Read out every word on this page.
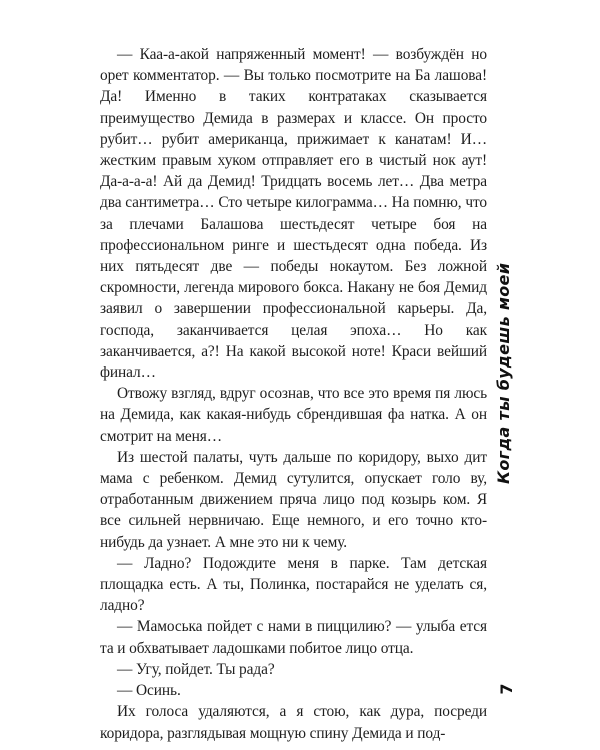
— Каа-а-акой напряженный момент! — возбуждён но орет комментатор. — Вы только посмотрите на Ба лашова! Да! Именно в таких контратаках сказывается преимущество Демида в размерах и классе. Он просто рубит… рубит американца, прижимает к канатам! И… жестким правым хуком отправляет его в чистый нок аут! Да-а-а-а! Ай да Демид! Тридцать восемь лет… Два метра два сантиметра… Сто четыре килограмма… На помню, что за плечами Балашова шестьдесят четыре боя на профессиональном ринге и шестьдесят одна победа. Из них пятьдесят две — победы нокаутом. Без ложной скромности, легенда мирового бокса. Накану не боя Демид заявил о завершении профессиональной карьеры. Да, господа, заканчивается целая эпоха… Но как заканчивается, а?! На какой высокой ноте! Краси вейший финал…

Отвожу взгляд, вдруг осознав, что все это время пя люсь на Демида, как какая-нибудь сбрендившая фа натка. А он смотрит на меня…

Из шестой палаты, чуть дальше по коридору, выхо дит мама с ребенком. Демид сутулится, опускает голо ву, отработанным движением пряча лицо под козырь ком. Я все сильней нервничаю. Еще немного, и его точно кто-нибудь да узнает. А мне это ни к чему.

— Ладно? Подождите меня в парке. Там детская площадка есть. А ты, Полинка, постарайся не уделать ся, ладно?

— Мамоська пойдет с нами в пиццилию? — улыба ется та и обхватывает ладошками побитое лицо отца.

— Угу, пойдет. Ты рада?

— Осинь.

Их голоса удаляются, а я стою, как дура, посреди коридора, разглядывая мощную спину Демида и под-

Когда ты будешь моей
7
